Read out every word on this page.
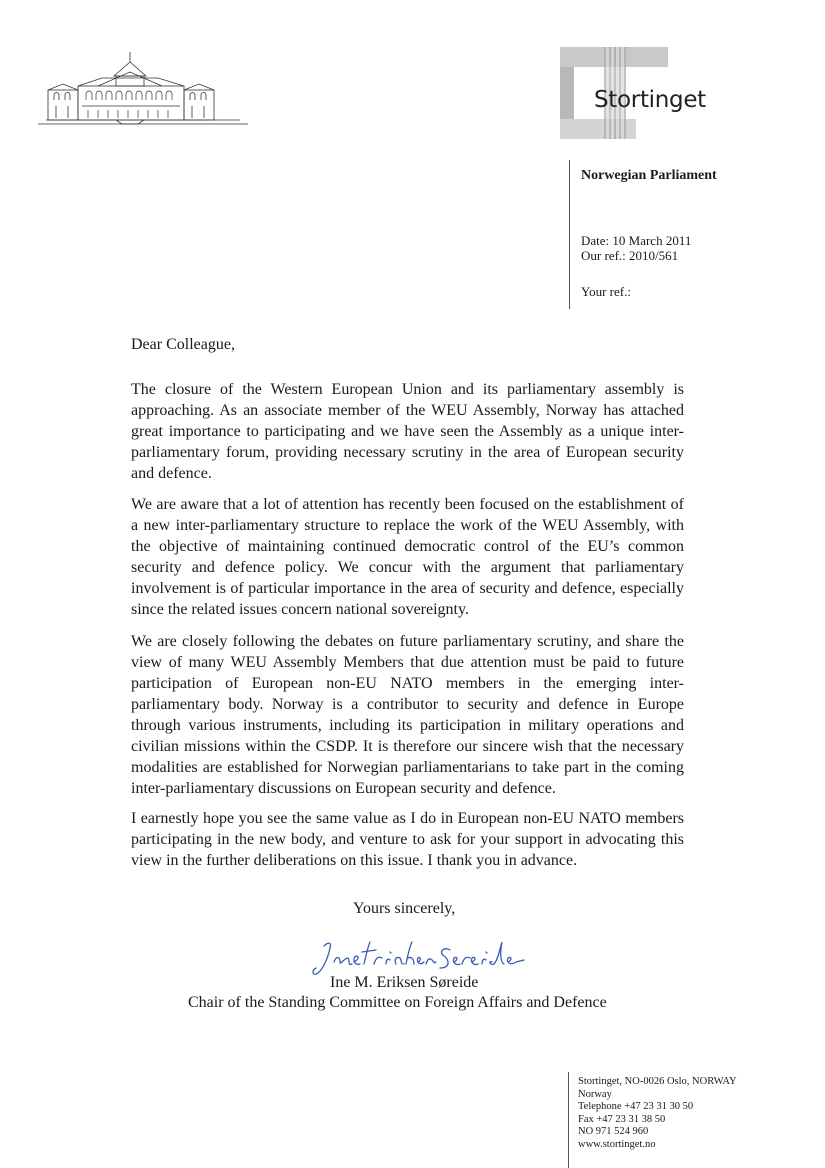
Stortinget
Norwegian Parliament
Date: 10 March 2011
Our ref.: 2010/561
Your ref.:
Dear Colleague,

The closure of the Western European Union and its parliamentary assembly is approaching. As an associate member of the WEU Assembly, Norway has attached great importance to participating and we have seen the Assembly as a unique inter-parliamentary forum, providing necessary scrutiny in the area of European security and defence.

We are aware that a lot of attention has recently been focused on the establishment of a new inter-parliamentary structure to replace the work of the WEU Assembly, with the objective of maintaining continued democratic control of the EU’s common security and defence policy. We concur with the argument that parliamentary involvement is of particular importance in the area of security and defence, especially since the related issues concern national sovereignty.

We are closely following the debates on future parliamentary scrutiny, and share the view of many WEU Assembly Members that due attention must be paid to future participation of European non-EU NATO members in the emerging inter-parliamentary body. Norway is a contributor to security and defence in Europe through various instruments, including its participation in military operations and civilian missions within the CSDP. It is therefore our sincere wish that the necessary modalities are established for Norwegian parliamentarians to take part in the coming inter-parliamentary discussions on European security and defence.

I earnestly hope you see the same value as I do in European non-EU NATO members participating in the new body, and venture to ask for your support in advocating this view in the further deliberations on this issue. I thank you in advance.

Yours sincerely,
Ine M. Eriksen Søreide
Chair of the Standing Committee on Foreign Affairs and Defence
Stortinget, NO-0026 Oslo, NORWAY
Norway
Telephone +47 23 31 30 50
Fax +47 23 31 38 50
NO 971 524 960
www.stortinget.no
